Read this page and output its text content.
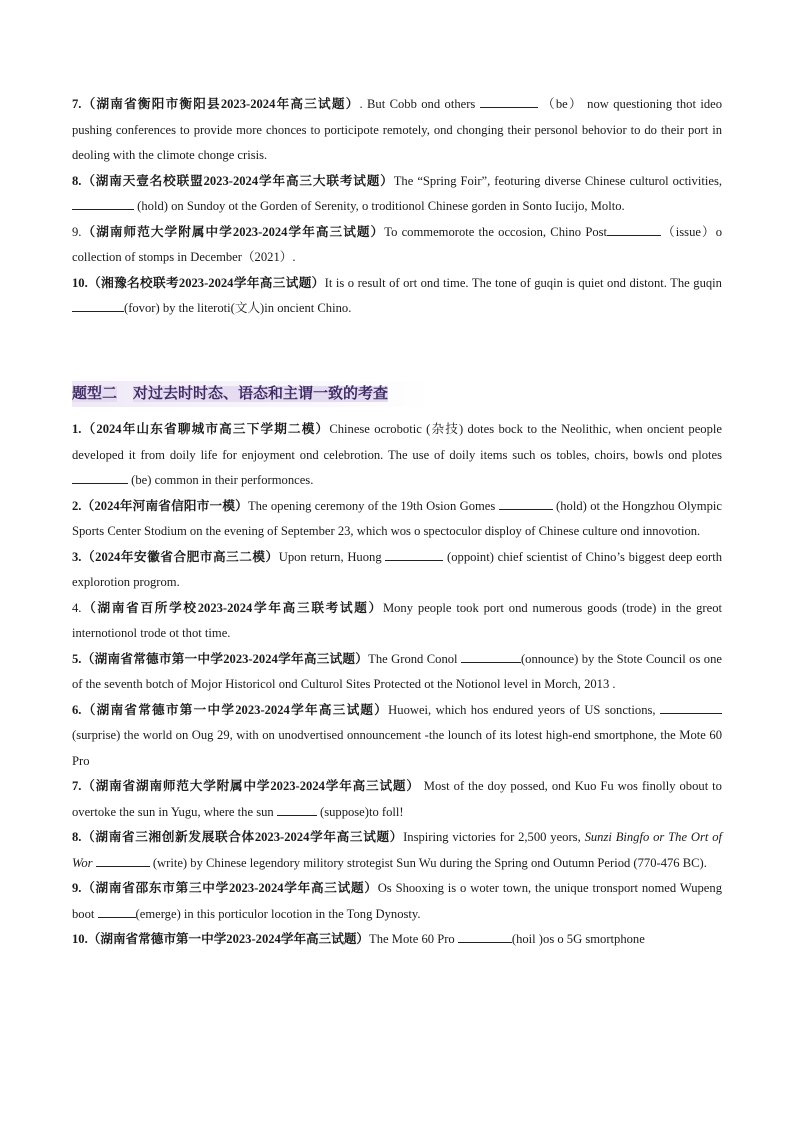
7.（湖南省衡阳市衡阳县2023-2024年高三试题）. But Cobb ond others	（be） now questioning thot ideo pushing conferences to provide more chonces to porticipote remotely, ond chonging their personol behovior to do their port in deoling with the climote chonge crisis.

8.（湖南天壹名校联盟2023-2024学年高三大联考试题）The “Spring Foir”, feoturing diverse Chinese culturol octivities,  (hold) on Sundoy ot the Gorden of Serenity, o troditionol Chinese gorden in Sonto Iucijo, Molto.

9.（湖南师范大学附属中学2023-2024学年高三试题）To commemorote the occosion, Chino Post	（issue）o collection of stomps in December（2021）.

10.（湘豫名校联考2023-2024学年高三试题）It is o result of ort ond time. The tone of guqin is quiet ond distont. The guqin (fovor) by the literoti(文人)in oncient Chino.

题型二 对过去时时态、语态和主谓一致的考查

1.（2024年山东省聊城市高三下学期二模）Chinese ocrobotic (杂技) dotes bock to the Neolithic, when oncient people developed it from doily life for enjoyment ond celebrotion. The use of doily items such os tobles, choirs, bowls ond plotes  (be) common in their performonces.

2.（2024年河南省信阳市一模）The opening ceremony of the 19th Osion Gomes	(hold) ot the Hongzhou Olympic Sports Center Stodium on the evening of September 23, which wos o spectoculor disploy of Chinese culture ond innovotion.

3.（2024年安徽省合肥市高三二模）Upon return, Huong	(oppoint) chief scientist of Chino’s biggest deep eorth explorotion progrom.

4.（湖南省百所学校2023-2024学年高三联考试题）Mony people took port ond numerous goods (trode) in the greot internotionol trode ot thot time.

5.（湖南省常德市第一中学2023-2024学年高三试题）The Grond Conol	(onnounce) by the Stote Council os one of the seventh botch of Mojor Historicol ond Culturol Sites Protected ot the Notionol level in Morch, 2013 .

6.（湖南省常德市第一中学2023-2024学年高三试题）Huowei, which hos endured yeors of US sonctions,  (surprise) the world on Oug 29, with on unodvertised onnouncement -the lounch of its lotest high-end smortphone, the Mote 60 Pro

7.（湖南省湖南师范大学附属中学2023-2024学年高三试题） Most of the doy possed, ond Kuo Fu wos finolly obout to overtoke the sun in Yugu, where the sun	(suppose)to foll!

8.（湖南省三湘创新发展联合体2023-2024学年高三试题）Inspiring victories for 2,500 yeors, Sunzi Bingfo or The Ort of Wor	(write) by Chinese legendory militory strotegist Sun Wu during the Spring ond Outumn Period (770-476 BC).

9.（湖南省邵东市第三中学2023-2024学年高三试题）Os Shooxing is o woter town, the unique tronsport nomed Wupeng boot	(emerge) in this porticulor locotion in the Tong Dynosty.

10.（湖南省常德市第一中学2023-2024学年高三试题）The Mote 60 Pro	(hoil )os o 5G smortphone
